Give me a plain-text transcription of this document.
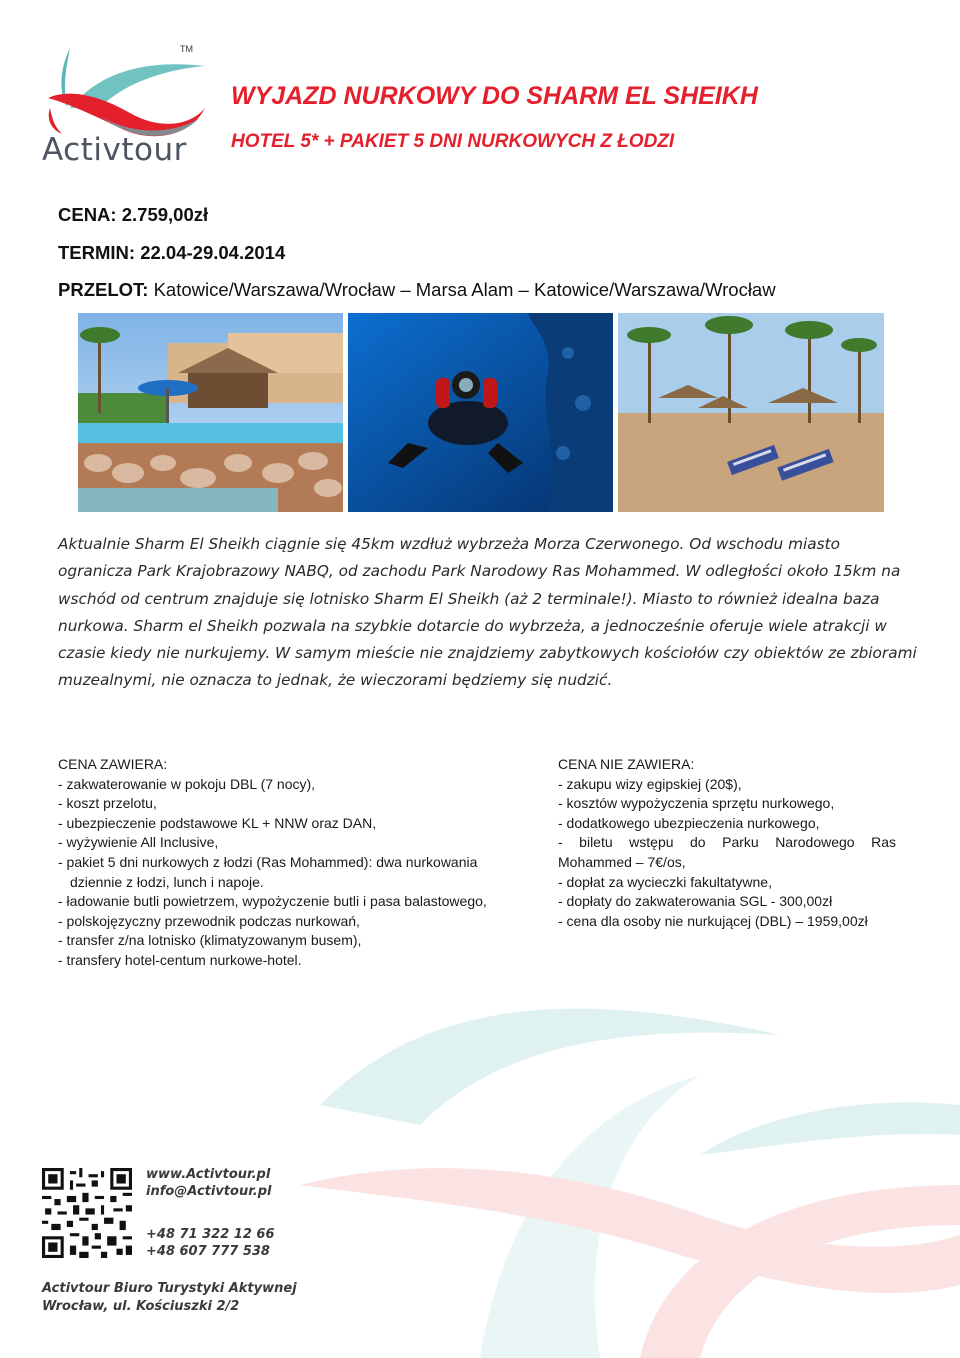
Activtour
TM
WYJAZD NURKOWY DO SHARM EL SHEIKH
HOTEL 5* + PAKIET 5 DNI NURKOWYCH Z ŁODZI
CENA: 2.759,00zł
TERMIN: 22.04-29.04.2014
PRZELOT: Katowice/Warszawa/Wrocław – Marsa Alam – Katowice/Warszawa/Wrocław

Aktualnie Sharm El Sheikh ciągnie się 45km wzdłuż wybrzeża Morza Czerwonego. Od wschodu miasto ogranicza Park Krajobrazowy NABQ, od zachodu Park Narodowy Ras Mohammed. W odległości około 15km na wschód od centrum znajduje się lotnisko Sharm El Sheikh (aż 2 terminale!). Miasto to również idealna baza nurkowa. Sharm el Sheikh pozwala na szybkie dotarcie do wybrzeża, a jednocześnie oferuje wiele atrakcji w czasie kiedy nie nurkujemy. W samym mieście nie znajdziemy zabytkowych kościołów czy obiektów ze zbiorami muzealnymi, nie oznacza to jednak, że wieczorami będziemy się nudzić.

CENA ZAWIERA:
- zakwaterowanie w pokoju DBL (7 nocy),
- koszt przelotu,
- ubezpieczenie podstawowe KL + NNW oraz DAN,
- wyżywienie All Inclusive,
- pakiet 5 dni nurkowych z łodzi (Ras Mohammed): dwa nurkowania
dziennie z łodzi, lunch i napoje.
- ładowanie butli powietrzem, wypożyczenie butli i pasa balastowego,
- polskojęzyczny przewodnik podczas nurkowań,
- transfer z/na lotnisko (klimatyzowanym busem),
- transfery hotel-centum nurkowe-hotel.
CENA NIE ZAWIERA:
- zakupu wizy egipskiej (20$),
- kosztów wypożyczenia sprzętu nurkowego,
- dodatkowego ubezpieczenia nurkowego,
- biletu wstępu do Parku Narodowego Ras Mohammed – 7€/os,
- dopłat za wycieczki fakultatywne,
- dopłaty do zakwaterowania SGL - 300,00zł
- cena dla osoby nie nurkującej (DBL) – 1959,00zł
www.Activtour.pl
info@Activtour.pl
+48 71 322 12 66
+48 607 777 538
Activtour Biuro Turystyki Aktywnej
Wrocław, ul. Kościuszki 2/2
